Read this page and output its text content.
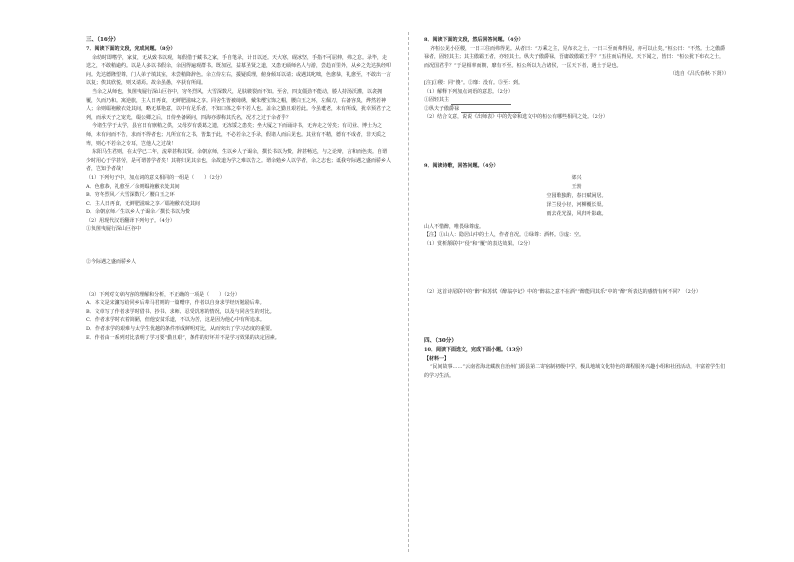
三、（16分）

7．阅读下面的文段，完成问题。（8分）

余幼时即嗜学，家贫，无从致书以观，每假借于藏书之家，手自笔录，计日以还。天大寒，砚冰坚，手指不可屈伸，弗之怠。录毕，走送之，不敢稍逾约。以是人多以书假余，余因得遍观群书。既加冠，益慕圣贤之道，又患无硕师名人与游，尝趋百里外，从乡之先达执经叩问。先达德隆望尊，门人弟子填其室，未尝稍降辞色。余立侍左右，援疑质理，俯身倾耳以请；或遇其叱咄，色愈恭，礼愈至，不敢出一言以复；俟其欣悦，则又请焉。故余虽愚，卒获有所闻。

当余之从师也，负箧曳屣行深山巨谷中，穷冬烈风，大雪深数尺，足肤皲裂而不知。至舍，四支僵劲不能动，媵人持汤沃灌，以衾拥覆，久而乃和。寓逆旅，主人日再食，无鲜肥滋味之享。同舍生皆被绮绣，戴朱缨宝饰之帽，腰白玉之环，左佩刀，右备容臭，烨然若神人；余则缊袍敝衣处其间，略无慕艳意，以中有足乐者，不知口体之奉不若人也。盖余之勤且艰若此。今虽耄老，未有所成，犹幸预君子之列，而承天子之宠光，缀公卿之后，日侍坐备顾问，四海亦谬称其氏名，况才之过于余者乎？

今诸生学于太学，县官日有廪稍之供，父母岁有裘葛之遗，无冻馁之患矣；坐大厦之下而诵诗书，无奔走之劳矣；有司业、博士为之师，未有问而不告，求而不得者也；凡所宜有之书，皆集于此，不必若余之手录，假诸人而后见也。其业有不精，德有不成者，非天质之卑，则心不若余之专耳，岂他人之过哉！

东阳马生君则，在太学已二年，流辈甚称其贤。余朝京师，生以乡人子谒余，撰长书以为贽，辞甚畅达，与之论辩，言和而色夷。自谓少时用心于学甚劳，是可谓善学者矣！其将归见其亲也，余故道为学之难以告之。谓余勉乡人以学者，余之志也；诋我夸际遇之盛而骄乡人者，岂知予者哉！

（1）下列句子中，加点词的意义相同的一组是（　　）（2分）

A．色愈恭，礼愈至／余则缊袍敝衣处其间

B．穷冬烈风／大雪深数尺／腰白玉之环

C．主人日再食，无鲜肥滋味之享／缊袍敝衣处其间

D．余朝京师／生以乡人子谒余／撰长书以为贽

（2）用现代汉语翻译下列句子。（4分）

①负箧曳屣行深山巨谷中

②今际遇之盛而骄乡人

（3）下列对文章内容的理解和分析，不正确的一项是（　　）（2分）

A．本文是宋濂写给同乡后辈马君则的一篇赠序，作者以自身求学经历勉励后辈。

B．文章写了作者求学时借书、抄书、求师、忍受饥寒的情况，以及与同舍生的对比。

C．作者求学时衣着简陋，但他安贫乐道，不以为苦，这是因为他心中有所追求。

D．作者求学的艰难与太学生优越的条件形成鲜明对比，从而突出了学习态度的重要。

E．作者由一系列对比表明了学习要“勤且艰”，条件的好坏并不是学习效果的决定因素。

8．阅读下面的文段，然后回答问题。（4分）

齐桓公见小臣稷，一日三往而弗得见。从者曰：“万乘之主，见布衣之士，一日三至而弗得见，亦可以止矣。”桓公曰：“不然。士之傲爵禄者，固轻其主；其主傲霸王者，亦轻其士。纵夫子傲爵禄，吾庸敢傲霸王乎？”五往而后得见。天下闻之，皆曰：“桓公犹下布衣之士，而况国君乎？”于是相率而朝，靡有不至。桓公所以九合诸侯，一匡天下者，遇士于是也。

（选自《吕氏春秋·下贤》）

[注]①稷：同“傻”。②靡：没有。③至：到。

（1）解释下列加点词语的意思。（2分）

①固轻其主

②纵夫子傲爵禄

（2）结合文意，说说《出师表》中的先帝和选文中的桓公有哪些相同之处。（2分）

9．阅读诗歌，回答问题。（4分）

郊兴
王勃
空园歌独酌，春日赋闲居。
泽兰侵小径，河柳覆长渠。
雨去花光湿，风归叶影疏。

山人不惜醉，唯畏绿尊虚。

【注】①山人：隐居山中的士人，作者自况。②绿尊：酒杯。③虚：空。

（1）赏析颔联中“侵”和“覆”的表达效果。（2分）

（2）这首诗尾联中的“醉”和苏轼《醉翁亭记》中的“醉翁之意不在酒”“醉能同其乐”中的“醉”所表达的感情有何不同？（2分）

四、（30分）

10．阅读下面选文，完成下面小题。（13分）

【材料一】

“民间故事……”云南省海北藏族自治州门源县第二寄宿制初级中学，极具地域文化特色的课程服务兴趣小组和社团活动，丰富着学生们的学习生活。
